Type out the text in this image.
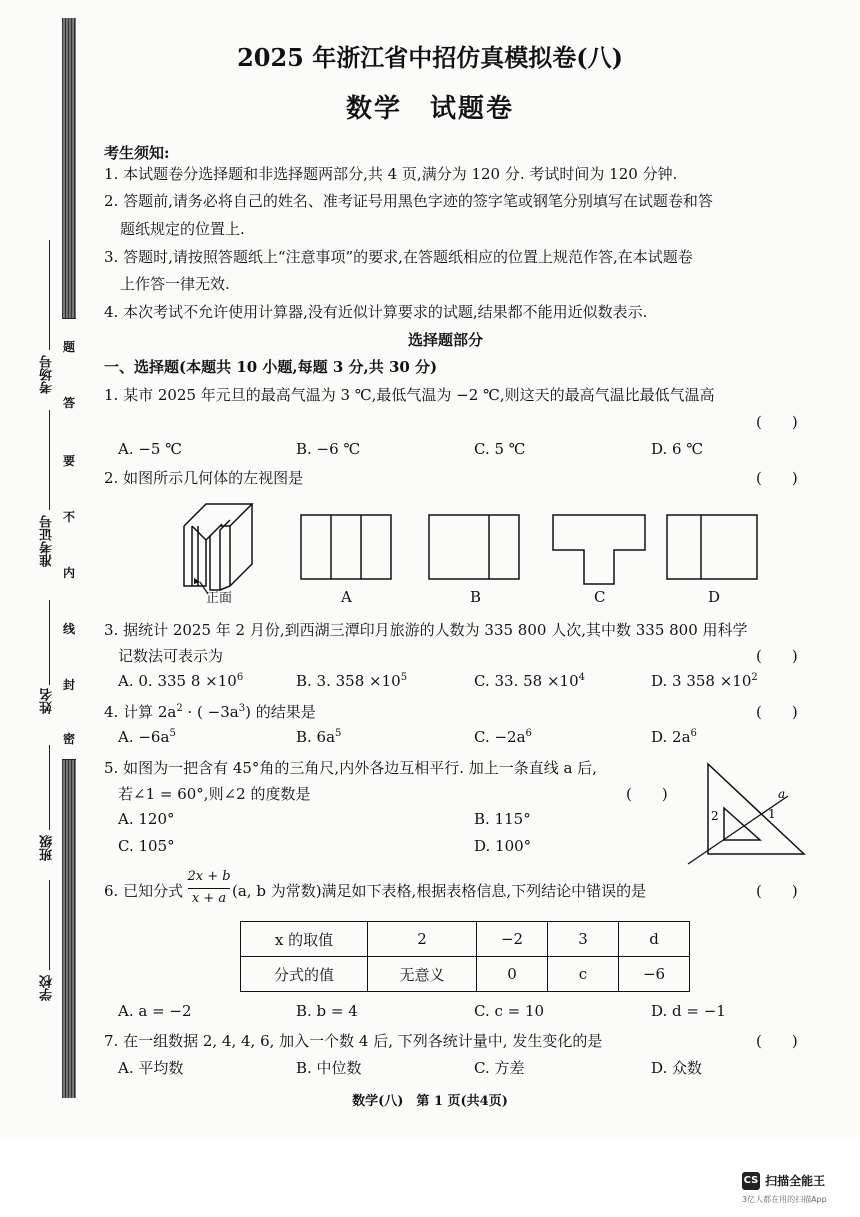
题
答
要
不
内
线
封
密
考场号
准考证号
姓名
班级
学校
2025 年浙江省中招仿真模拟卷(八)
数学　试题卷
考生须知:
1. 本试题卷分选择题和非选择题两部分,共 4 页,满分为 120 分. 考试时间为 120 分钟.
2. 答题前,请务必将自己的姓名、准考证号用黑色字迹的签字笔或钢笔分别填写在试题卷和答
题纸规定的位置上.
3. 答题时,请按照答题纸上“注意事项”的要求,在答题纸相应的位置上规范作答,在本试题卷
上作答一律无效.
4. 本次考试不允许使用计算器,没有近似计算要求的试题,结果都不能用近似数表示.
选择题部分
一、选择题(本题共 10 小题,每题 3 分,共 30 分)
1. 某市 2025 年元旦的最高气温为 3 ℃,最低气温为 −2 ℃,则这天的最高气温比最低气温高
(　　)
A. −5 ℃	B. −6 ℃	C. 5 ℃	D. 6 ℃
2. 如图所示几何体的左视图是	(　　)
正面	A	B	C	D
3. 据统计 2025 年 2 月份,到西湖三潭印月旅游的人数为 335 800 人次,其中数 335 800 用科学
记数法可表示为	(　　)
A. 0. 335 $8 \times 10^6$	B. 3. $358 \times 10^5$	C. 33. $58 \times 10^4$	D. 3 $358 \times 10^2$
4. 计算 $2a^2$ · ( $-3a^3$) 的结果是	(　　)
A. $-6a^5$	B. $6a^5$	C. $-2a^6$	D. $2a^6$
5. 如图为一把含有 45°角的三角尺,内外各边互相平行. 加上一条直线 a 后,
若∠1 = 60°,则∠2 的度数是	(　　)
A. 120°	B. 115°
C. 105°	D. 100°
a
1
2
6. 已知分式
2x + b
x + a (a, b 为常数)满足如下表格,根据表格信息,下列结论中错误的是	(　　)
x 的取值	2	−2	3	d
分式的值	无意义	0	c	−6
A. a = −2	B. b = 4	C. c = 10	D. d = −1
7. 在一组数据 2, 4, 4, 6, 加入一个数 4 后, 下列各统计量中, 发生变化的是	(　　)
A. 平均数	B. 中位数	C. 方差	D. 众数
数学(八)　第 1 页(共4页)
CS 扫描全能王
3亿人都在用的扫描App
